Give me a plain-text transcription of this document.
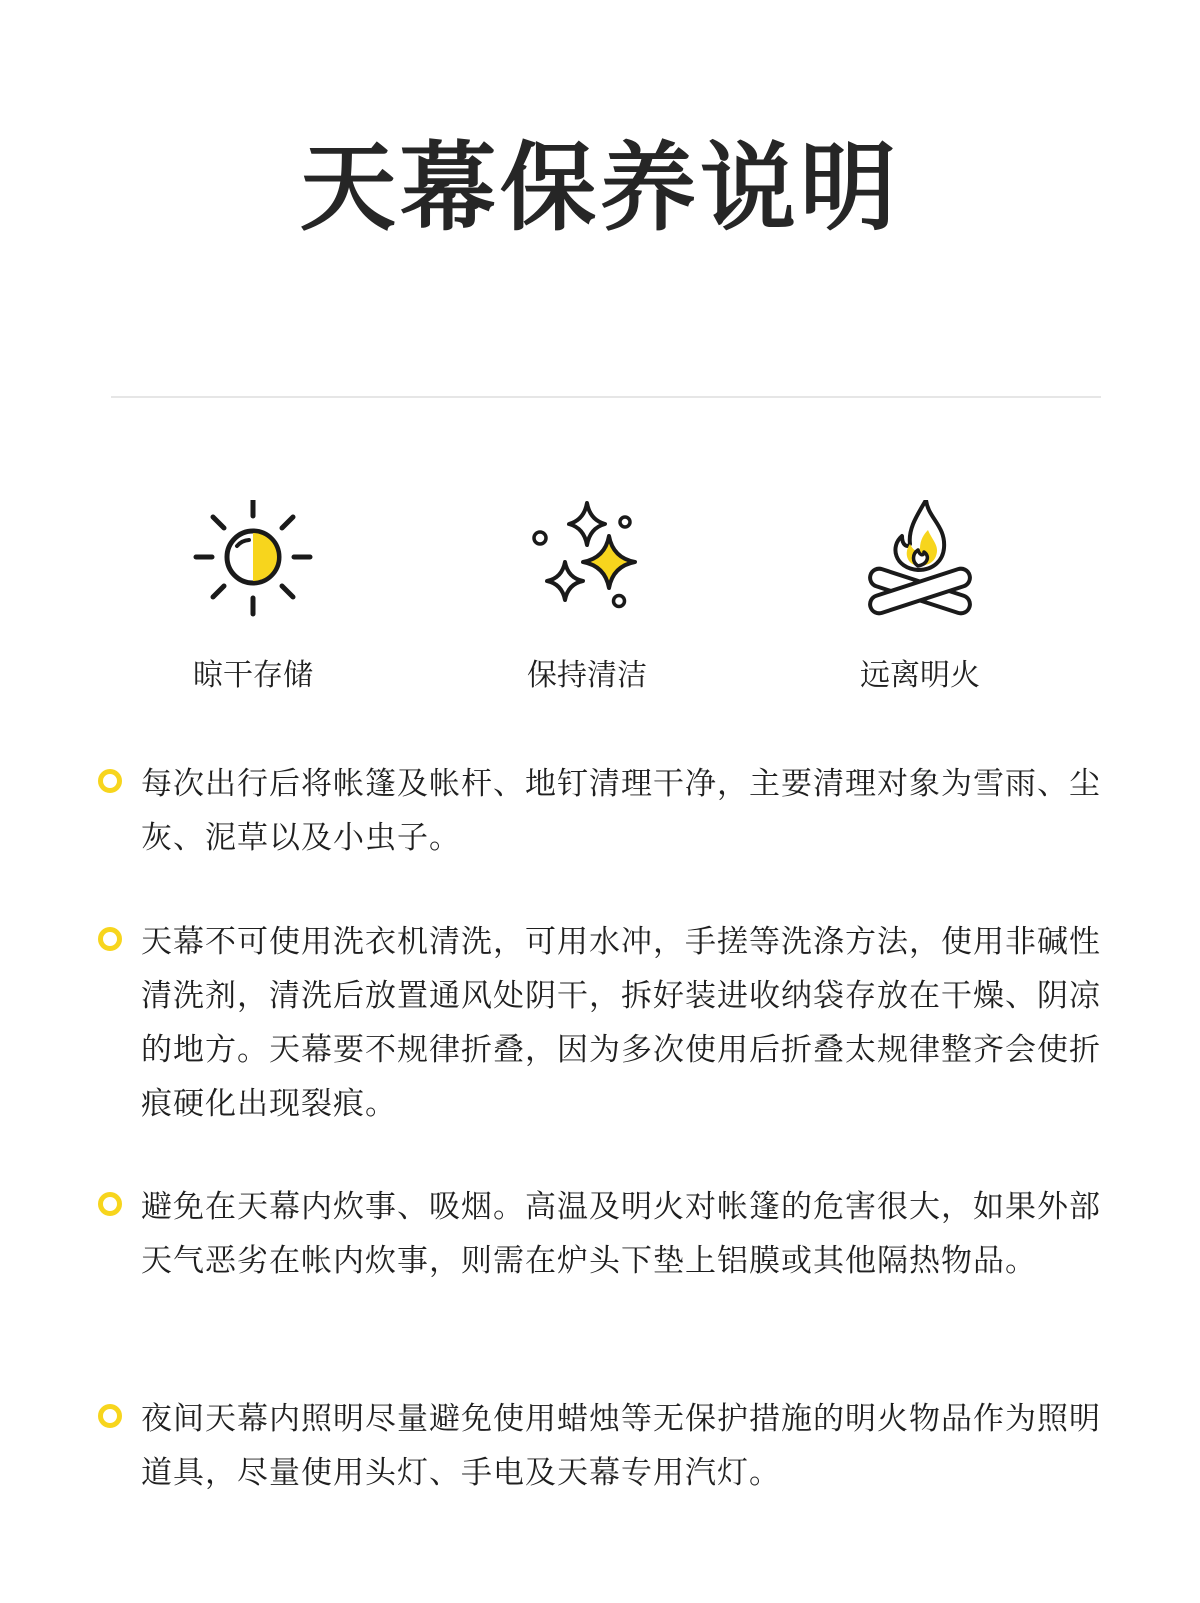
天幕保养说明
晾干存储	保持清洁	远离明火
每次出行后将帐篷及帐杆、地钉清理干净，主要清理对象为雪雨、尘灰、泥草以及小虫子。
天幕不可使用洗衣机清洗，可用水冲，手搓等洗涤方法，使用非碱性清洗剂，清洗后放置通风处阴干，拆好装进收纳袋存放在干燥、阴凉的地方。天幕要不规律折叠，因为多次使用后折叠太规律整齐会使折痕硬化出现裂痕。
避免在天幕内炊事、吸烟。高温及明火对帐篷的危害很大，如果外部天气恶劣在帐内炊事，则需在炉头下垫上铝膜或其他隔热物品。
夜间天幕内照明尽量避免使用蜡烛等无保护措施的明火物品作为照明道具，尽量使用头灯、手电及天幕专用汽灯。
